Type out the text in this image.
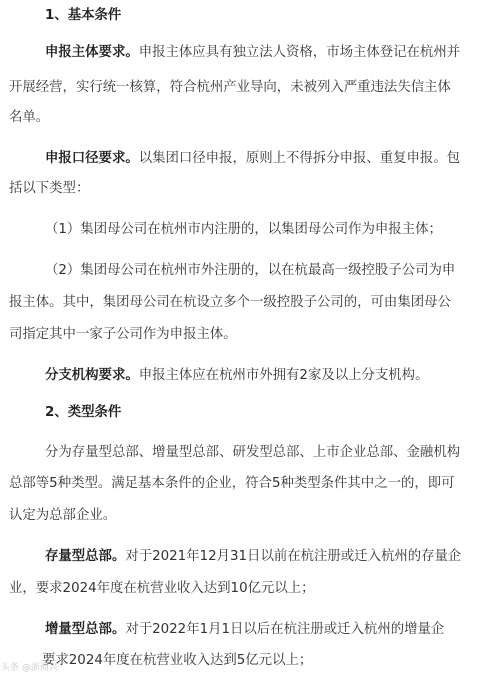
1、基本条件
申报主体要求。申报主体应具有独立法人资格，市场主体登记在杭州并
开展经营，实行统一核算，符合杭州产业导向，未被列入严重违法失信主体
名单。
申报口径要求。以集团口径申报，原则上不得拆分申报、重复申报。包
括以下类型：
（1）集团母公司在杭州市内注册的，以集团母公司作为申报主体；
（2）集团母公司在杭州市外注册的，以在杭最高一级控股子公司为申
报主体。其中，集团母公司在杭设立多个一级控股子公司的，可由集团母公
司指定其中一家子公司作为申报主体。
分支机构要求。申报主体应在杭州市外拥有2家及以上分支机构。
2、类型条件
分为存量型总部、增量型总部、研发型总部、上市企业总部、金融机构
总部等5种类型。满足基本条件的企业，符合5种类型条件其中之一的，即可
认定为总部企业。
存量型总部。对于2021年12月31日以前在杭注册或迁入杭州的存量企
业，要求2024年度在杭营业收入达到10亿元以上；
增量型总部。对于2022年1月1日以后在杭注册或迁入杭州的增量企
要求2024年度在杭营业收入达到5亿元以上；
头条 @浙商兴
